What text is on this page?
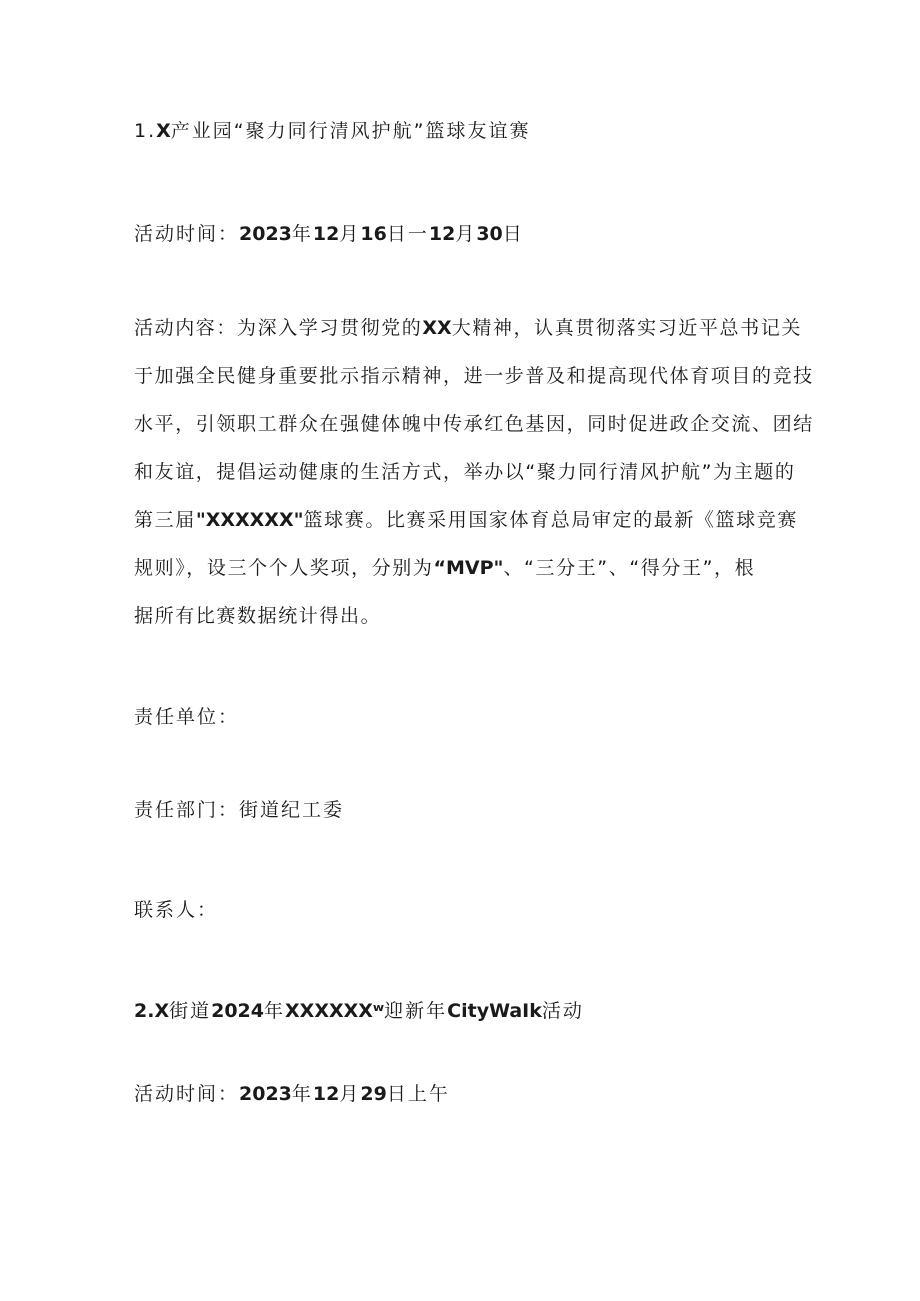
1.X产业园“聚力同行清风护航”篮球友谊赛

活动时间：2023年12月16日一12月30日

活动内容：为深入学习贯彻党的XX大精神，认真贯彻落实习近平总书记关
于加强全民健身重要批示指示精神，进一步普及和提高现代体育项目的竞技
水平，引领职工群众在强健体魄中传承红色基因，同时促进政企交流、团结
和友谊，提倡运动健康的生活方式，举办以“聚力同行清风护航”为主题的
第三届"XXXXXX"篮球赛。比赛采用国家体育总局审定的最新《篮球竞赛
规则》，设三个个人奖项，分别为“MVP"、“三分王”、“得分王”，根
据所有比赛数据统计得出。

责任单位：

责任部门：街道纪工委

联系人：

2.X街道2024年XXXXXXʷ迎新年CityWaIk活动

活动时间：2023年12月29日上午
